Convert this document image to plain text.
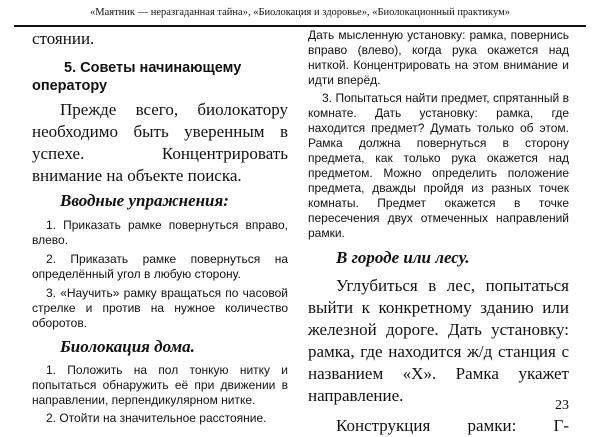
«Маятник — неразгаданная тайна», «Биолокация и здоровье», «Биолокационный практикум»

стоянии.

5. Советы начинающему
оператору

Прежде всего, биолокатору необходимо быть уверенным в успехе. Концентрировать внимание на объекте поиска.

Вводные упражнения:

1. Приказать рамке повернуться вправо, влево.

2. Приказать рамке повернуться на определённый угол в любую сторону.

3. «Научить» рамку вращаться по часовой стрелке и против на нужное количество оборотов.

Биолокация дома.

1. Положить на пол тонкую нитку и попытаться обнаружить её при движении в направлении, перпендикулярном нитке.

2. Отойти на значительное расстояние.

Дать мысленную установку: рамка, повернись вправо (влево), когда рука окажется над ниткой. Концентрировать на этом внимание и идти вперёд.

3. Попытаться найти предмет, спрятанный в комнате. Дать установку: рамка, где находится предмет? Думать только об этом. Рамка должна повернуться в сторону предмета, как только рука окажется над предметом. Можно определить положение предмета, дважды пройдя из разных точек комнаты. Предмет окажется в точке пересечения двух отмеченных направлений рамки.

В городе или лесу.

Углубиться в лес, попытаться выйти к конкретному зданию или железной дороге. Дать установку: рамка, где находится ж/д станция с названием «Х». Рамка укажет направление.

Конструкция рамки: Г-

23
